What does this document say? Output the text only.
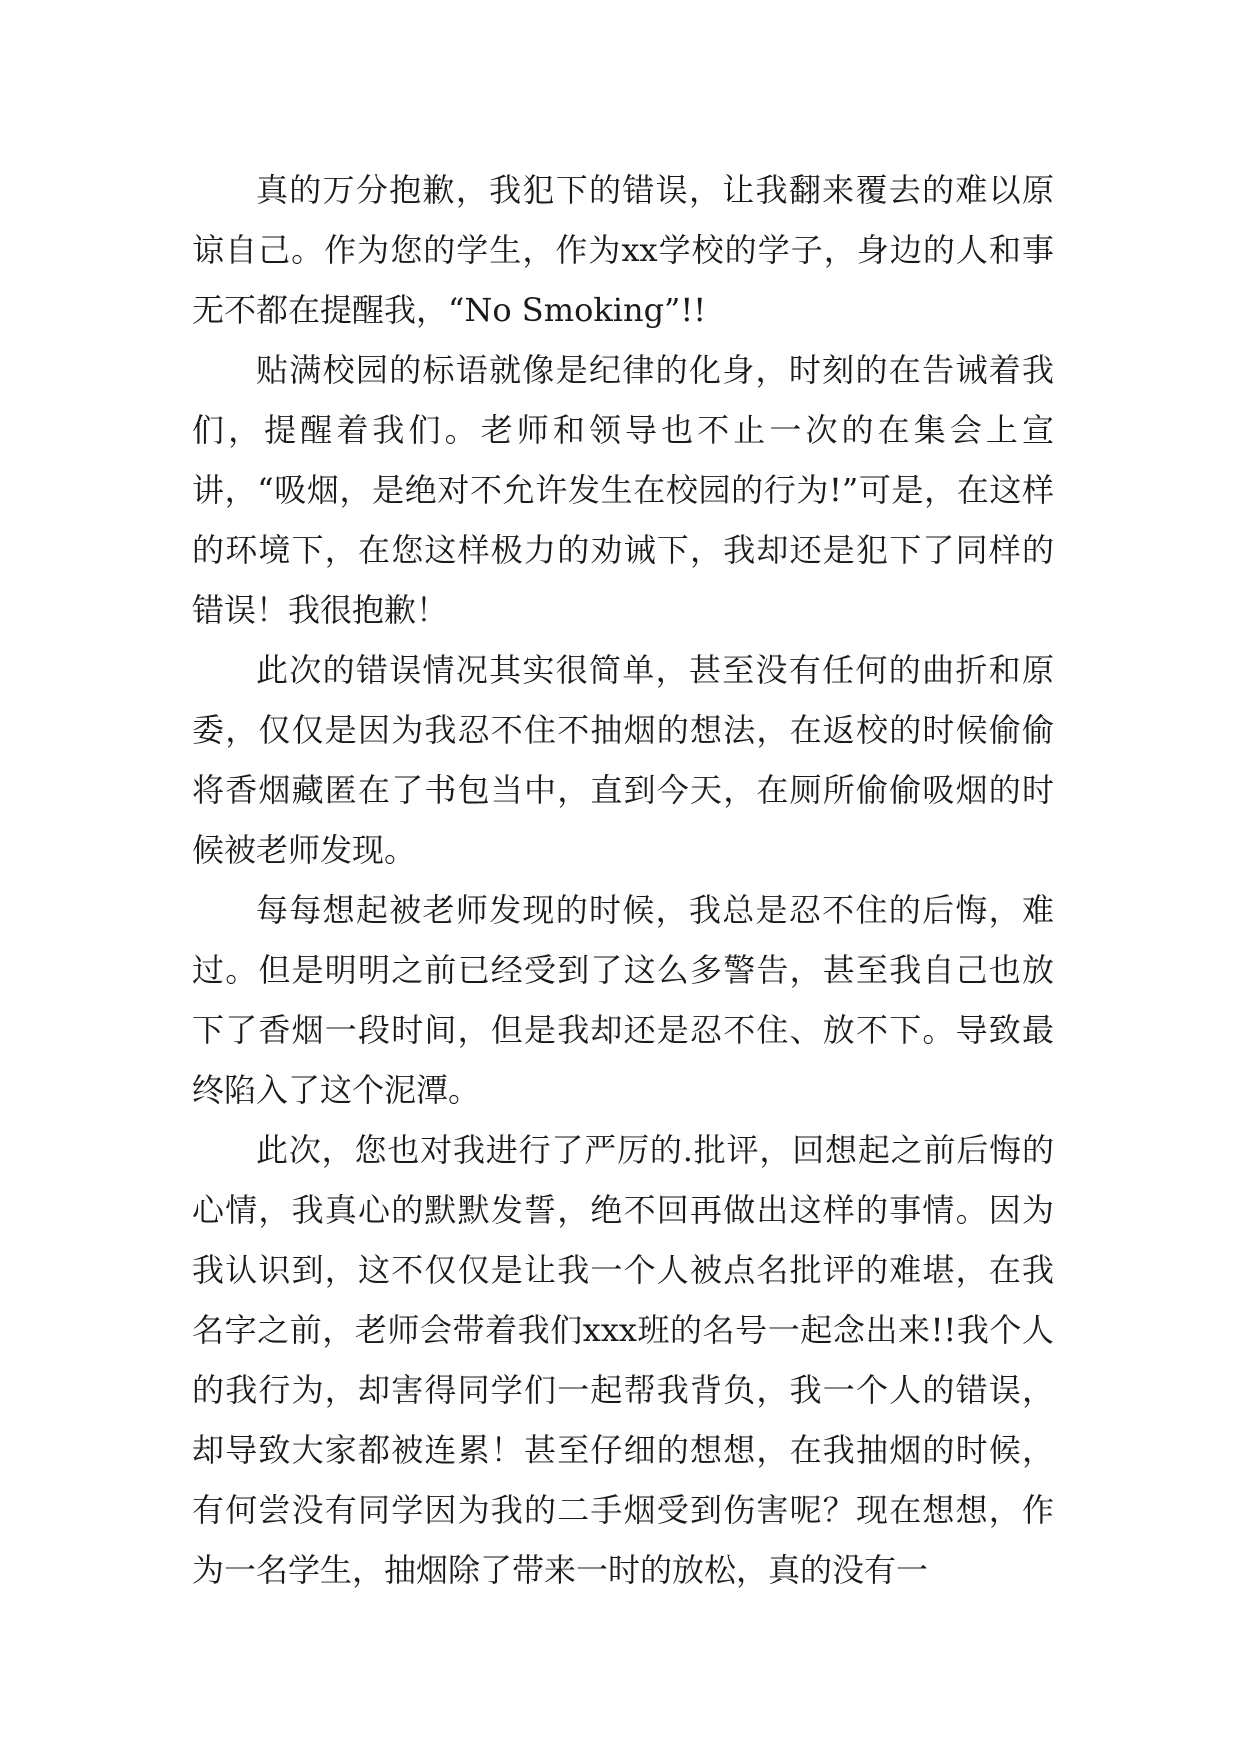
真的万分抱歉，我犯下的错误，让我翻来覆去的难以原谅自己。作为您的学生，作为xx学校的学子，身边的人和事无不都在提醒我，“No Smoking”!!

贴满校园的标语就像是纪律的化身，时刻的在告诫着我们，提醒着我们。老师和领导也不止一次的在集会上宣讲，“吸烟，是绝对不允许发生在校园的行为!”可是，在这样的环境下，在您这样极力的劝诫下，我却还是犯下了同样的错误！我很抱歉！

此次的错误情况其实很简单，甚至没有任何的曲折和原委，仅仅是因为我忍不住不抽烟的想法，在返校的时候偷偷将香烟藏匿在了书包当中，直到今天，在厕所偷偷吸烟的时候被老师发现。

每每想起被老师发现的时候，我总是忍不住的后悔，难过。但是明明之前已经受到了这么多警告，甚至我自己也放下了香烟一段时间，但是我却还是忍不住、放不下。导致最终陷入了这个泥潭。

此次，您也对我进行了严厉的.批评，回想起之前后悔的心情，我真心的默默发誓，绝不回再做出这样的事情。因为我认识到，这不仅仅是让我一个人被点名批评的难堪，在我名字之前，老师会带着我们xxx班的名号一起念出来!!我个人的我行为，却害得同学们一起帮我背负，我一个人的错误，却导致大家都被连累！甚至仔细的想想，在我抽烟的时候，有何尝没有同学因为我的二手烟受到伤害呢？现在想想，作为一名学生，抽烟除了带来一时的放松，真的没有一
